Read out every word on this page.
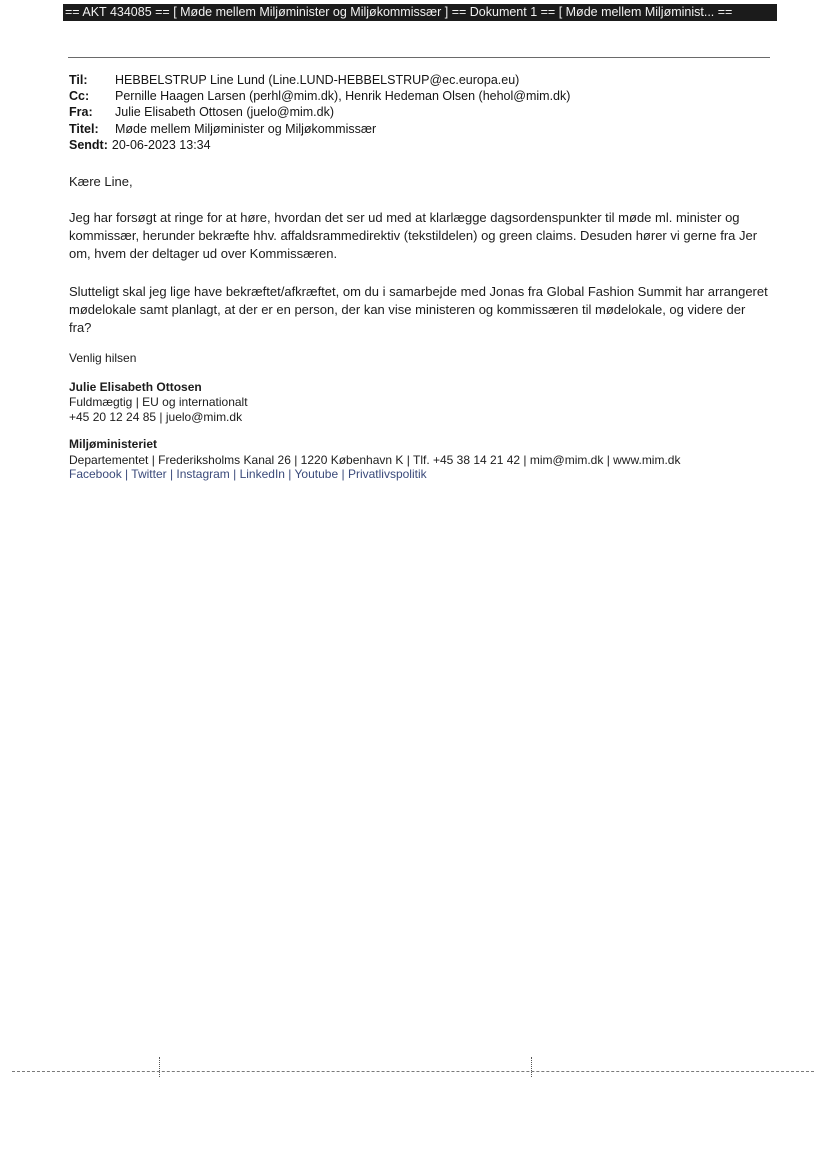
== AKT 434085 == [ Møde mellem Miljøminister og Miljøkommissær ] == Dokument 1 == [ Møde mellem Miljøminist... ==
Til:	HEBBELSTRUP Line Lund (Line.LUND-HEBBELSTRUP@ec.europa.eu)
Cc:	Pernille Haagen Larsen (perhl@mim.dk), Henrik Hedeman Olsen (hehol@mim.dk)
Fra:	Julie Elisabeth Ottosen (juelo@mim.dk)
Titel:	Møde mellem Miljøminister og Miljøkommissær
Sendt: 20-06-2023 13:34
Kære Line,
Jeg har forsøgt at ringe for at høre, hvordan det ser ud med at klarlægge dagsordenspunkter til møde ml. minister og kommissær, herunder bekræfte hhv. affaldsrammedirektiv (tekstildelen) og green claims. Desuden hører vi gerne fra Jer om, hvem der deltager ud over Kommissæren.
Slutteligt skal jeg lige have bekræftet/afkræftet, om du i samarbejde med Jonas fra Global Fashion Summit har arrangeret mødelokale samt planlagt, at der er en person, der kan vise ministeren og kommissæren til mødelokale, og videre der fra?
Venlig hilsen
Julie Elisabeth Ottosen
Fuldmægtig | EU og internationalt
+45 20 12 24 85 | juelo@mim.dk
Miljøministeriet
Departementet | Frederiksholms Kanal 26 | 1220 København K | Tlf. +45 38 14 21 42 | mim@mim.dk | www.mim.dk
Facebook | Twitter | Instagram | LinkedIn | Youtube | Privatlivspolitik
